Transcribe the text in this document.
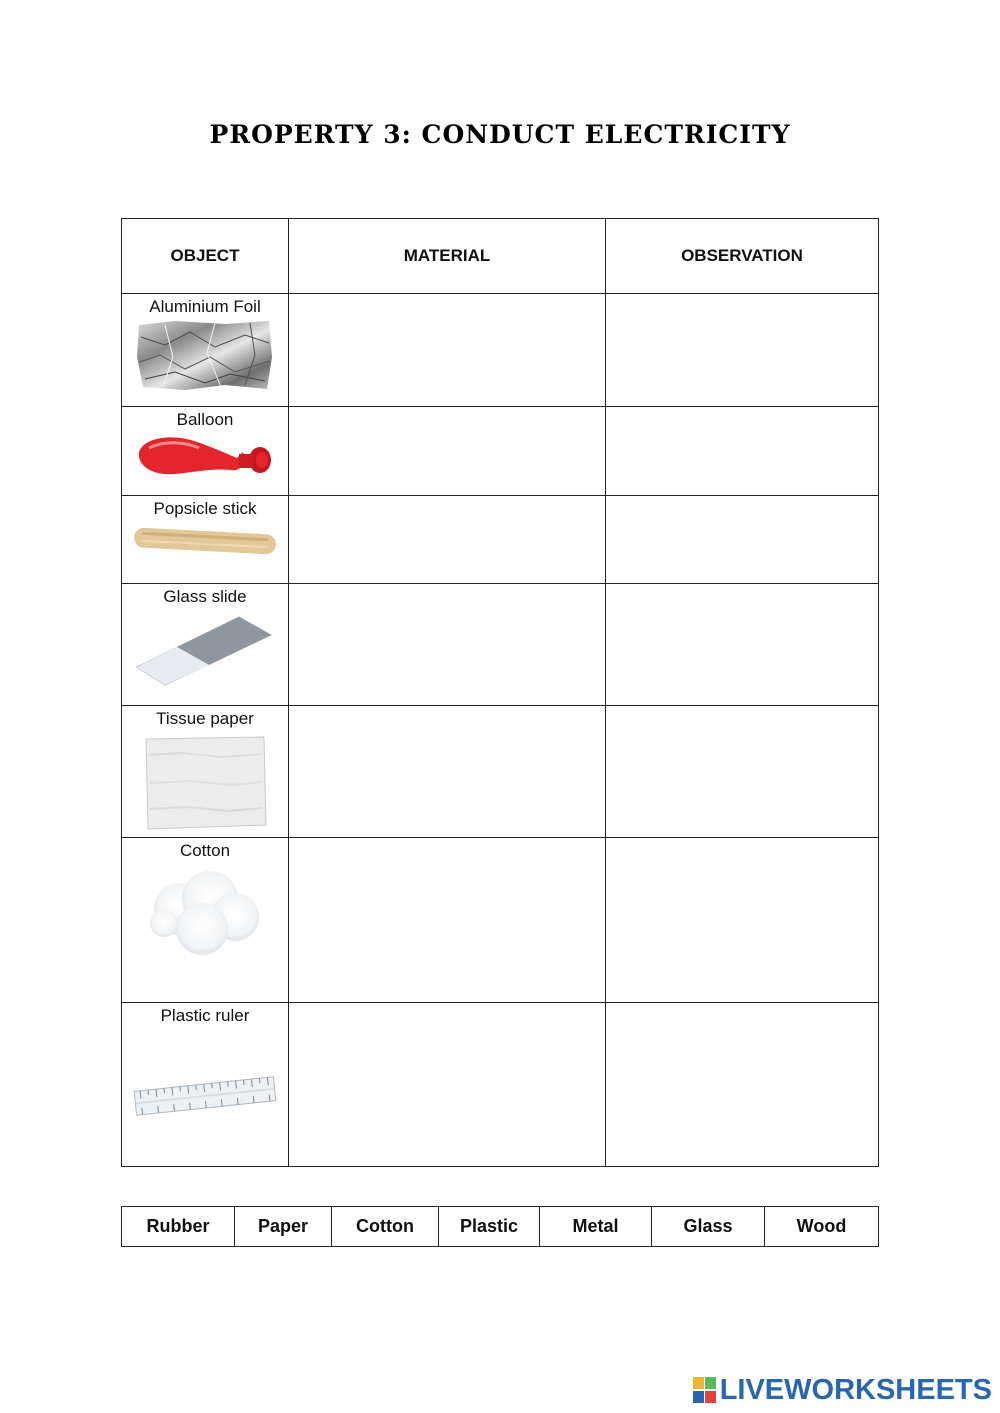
PROPERTY 3: CONDUCT ELECTRICITY
OBJECT	MATERIAL	OBSERVATION

Aluminium Foil		

Balloon		

Popsicle stick		

Glass slide		

Tissue paper		

Cotton		

Plastic ruler		

Rubber	Paper	Cotton	Plastic	Metal	Glass	Wood
LIVEWORKSHEETS
